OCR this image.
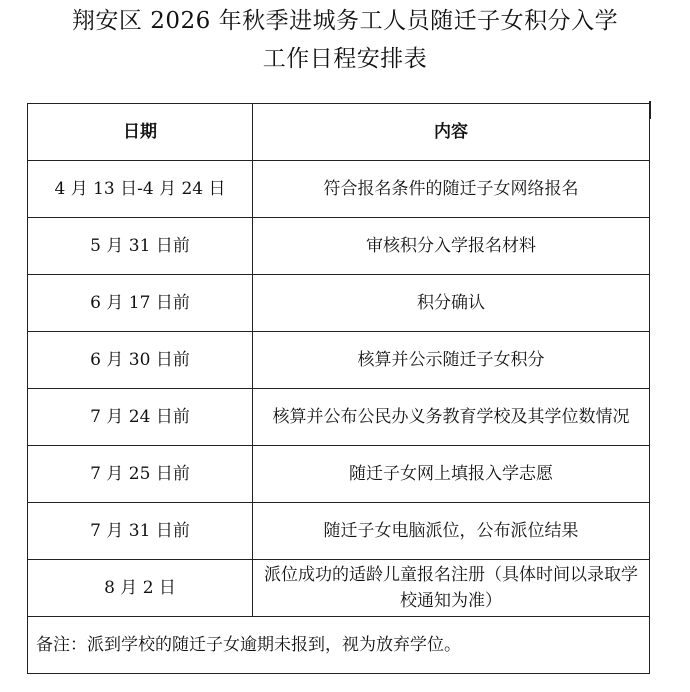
翔安区 2026 年秋季进城务工人员随迁子女积分入学
工作日程安排表
日期	内容
4 月 13 日-4 月 24 日	符合报名条件的随迁子女网络报名
5 月 31 日前	审核积分入学报名材料
6 月 17 日前	积分确认
6 月 30 日前	核算并公示随迁子女积分
7 月 24 日前	核算并公布公民办义务教育学校及其学位数情况
7 月 25 日前	随迁子女网上填报入学志愿
7 月 31 日前	随迁子女电脑派位，公布派位结果
8 月 2 日	派位成功的适龄儿童报名注册（具体时间以录取学校通知为准）
备注：派到学校的随迁子女逾期未报到，视为放弃学位。	
